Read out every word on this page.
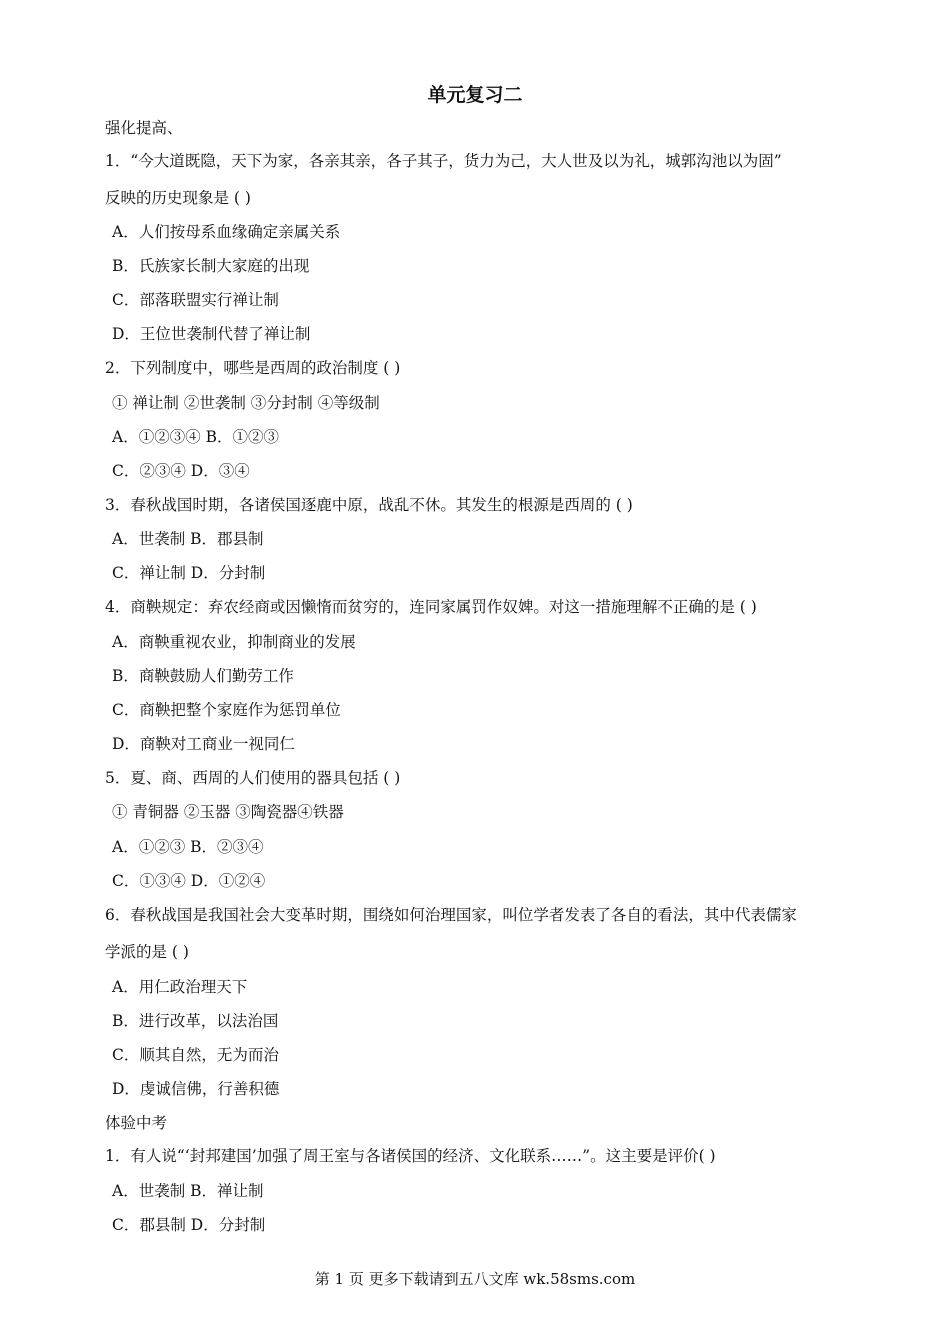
单元复习二
强化提高、
1．“今大道既隐，天下为家，各亲其亲，各子其子，货力为己，大人世及以为礼，城郭沟池以为固”
反映的历史现象是 ( )
A．人们按母系血缘确定亲属关系
B．氏族家长制大家庭的出现
C．部落联盟实行禅让制
D．王位世袭制代替了禅让制
2．下列制度中，哪些是西周的政治制度 ( )
① 禅让制 ②世袭制 ③分封制 ④等级制
A．①②③④ B．①②③
C．②③④ D．③④
3．春秋战国时期，各诸侯国逐鹿中原，战乱不休。其发生的根源是西周的 ( )
A．世袭制 B．郡县制
C．禅让制 D．分封制
4．商鞅规定：弃农经商或因懒惰而贫穷的，连同家属罚作奴婢。对这一措施理解不正确的是 ( )
A．商鞅重视农业，抑制商业的发展
B．商鞅鼓励人们勤劳工作
C．商鞅把整个家庭作为惩罚单位
D．商鞅对工商业一视同仁
5．夏、商、西周的人们使用的器具包括 ( )
① 青铜器 ②玉器 ③陶瓷器④铁器
A．①②③ B．②③④
C．①③④ D．①②④
6．春秋战国是我国社会大变革时期，围绕如何治理国家，叫位学者发表了各自的看法，其中代表儒家
学派的是 ( )
A．用仁政治理天下
B．进行改革，以法治国
C．顺其自然，无为而治
D．虔诚信佛，行善积德
体验中考
1．有人说“‘封邦建国’加强了周王室与各诸侯国的经济、文化联系……”。这主要是评价( )
A．世袭制 B．禅让制
C．郡县制 D．分封制
第 1 页 更多下载请到五八文库 wk.58sms.com
